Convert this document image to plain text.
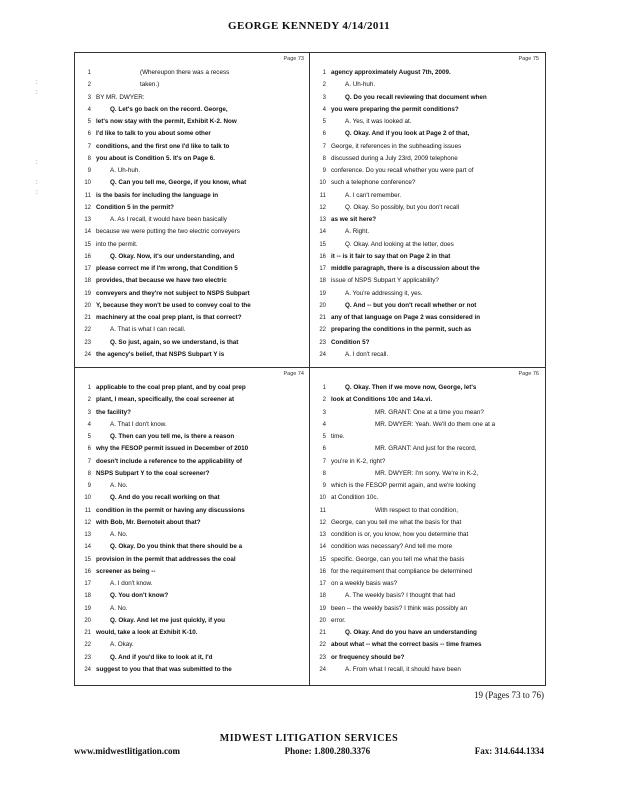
GEORGE KENNEDY 4/14/2011
:
:

:

:
:
Page 73
1	(Whereupon there was a recess
2	taken.)
3 BY MR. DWYER:
4	Q. Let's go back on the record. George,
5 let's now stay with the permit, Exhibit K-2. Now
6 I'd like to talk to you about some other
7 conditions, and the first one I'd like to talk to
8 you about is Condition 5. It's on Page 6.
9	A. Uh-huh.
10	Q. Can you tell me, George, if you know, what
11 is the basis for including the language in
12 Condition 5 in the permit?
13	A. As I recall, it would have been basically
14 because we were putting the two electric conveyers
15 into the permit.
16	Q. Okay. Now, it's our understanding, and
17 please correct me if I'm wrong, that Condition 5
18 provides, that because we have two electric
19 conveyers and they're not subject to NSPS Subpart
20 Y, because they won't be used to convey coal to the
21 machinery at the coal prep plant, is that correct?
22	A. That is what I can recall.
23	Q. So just, again, so we understand, is that
24 the agency's belief, that NSPS Subpart Y is
Page 75
1 agency approximately August 7th, 2009.
2	A. Uh-huh.
3	Q. Do you recall reviewing that document when
4 you were preparing the permit conditions?
5	A. Yes, it was looked at.
6	Q. Okay. And if you look at Page 2 of that,
7 George, it references in the subheading issues
8 discussed during a July 23rd, 2009 telephone
9 conference. Do you recall whether you were part of
10 such a telephone conference?
11	A. I can't remember.
12	Q. Okay. So possibly, but you don't recall
13 as we sit here?
14	A. Right.
15	Q. Okay. And looking at the letter, does
16 it -- is it fair to say that on Page 2 in that
17 middle paragraph, there is a discussion about the
18 issue of NSPS Subpart Y applicability?
19	A. You're addressing it, yes.
20	Q. And -- but you don't recall whether or not
21 any of that language on Page 2 was considered in
22 preparing the conditions in the permit, such as
23 Condition 5?
24	A. I don't recall.
Page 74
1 applicable to the coal prep plant, and by coal prep
2 plant, I mean, specifically, the coal screener at
3 the facility?
4	A. That I don't know.
5	Q. Then can you tell me, is there a reason
6 why the FESOP permit issued in December of 2010
7 doesn't include a reference to the applicability of
8 NSPS Subpart Y to the coal screener?
9	A. No.
10	Q. And do you recall working on that
11 condition in the permit or having any discussions
12 with Bob, Mr. Bernoteit about that?
13	A. No.
14	Q. Okay. Do you think that there should be a
15 provision in the permit that addresses the coal
16 screener as being --
17	A. I don't know.
18	Q. You don't know?
19	A. No.
20	Q. Okay. And let me just quickly, if you
21 would, take a look at Exhibit K-10.
22	A. Okay.
23	Q. And if you'd like to look at it, I'd
24 suggest to you that that was submitted to the
Page 76
1	Q. Okay. Then if we move now, George, let's
2 look at Conditions 10c and 14a.vi.
3	MR. GRANT: One at a time you mean?
4	MR. DWYER: Yeah. We'll do them one at a
5 time.
6	MR. GRANT: And just for the record,
7 you're in K-2, right?
8	MR. DWYER: I'm sorry. We're in K-2,
9 which is the FESOP permit again, and we're looking
10 at Condition 10c.
11	With respect to that condition,
12 George, can you tell me what the basis for that
13 condition is or, you know, how you determine that
14 condition was necessary? And tell me more
15 specific. George, can you tell me what the basis
16 for the requirement that compliance be determined
17 on a weekly basis was?
18	A. The weekly basis? I thought that had
19 been -- the weekly basis? I think was possibly an
20 error.
21	Q. Okay. And do you have an understanding
22 about what -- what the correct basis -- time frames
23 or frequency should be?
24	A. From what I recall, it should have been
19 (Pages 73 to 76)
MIDWEST LITIGATION SERVICES
www.midwestlitigation.com	Phone: 1.800.280.3376	Fax: 314.644.1334
